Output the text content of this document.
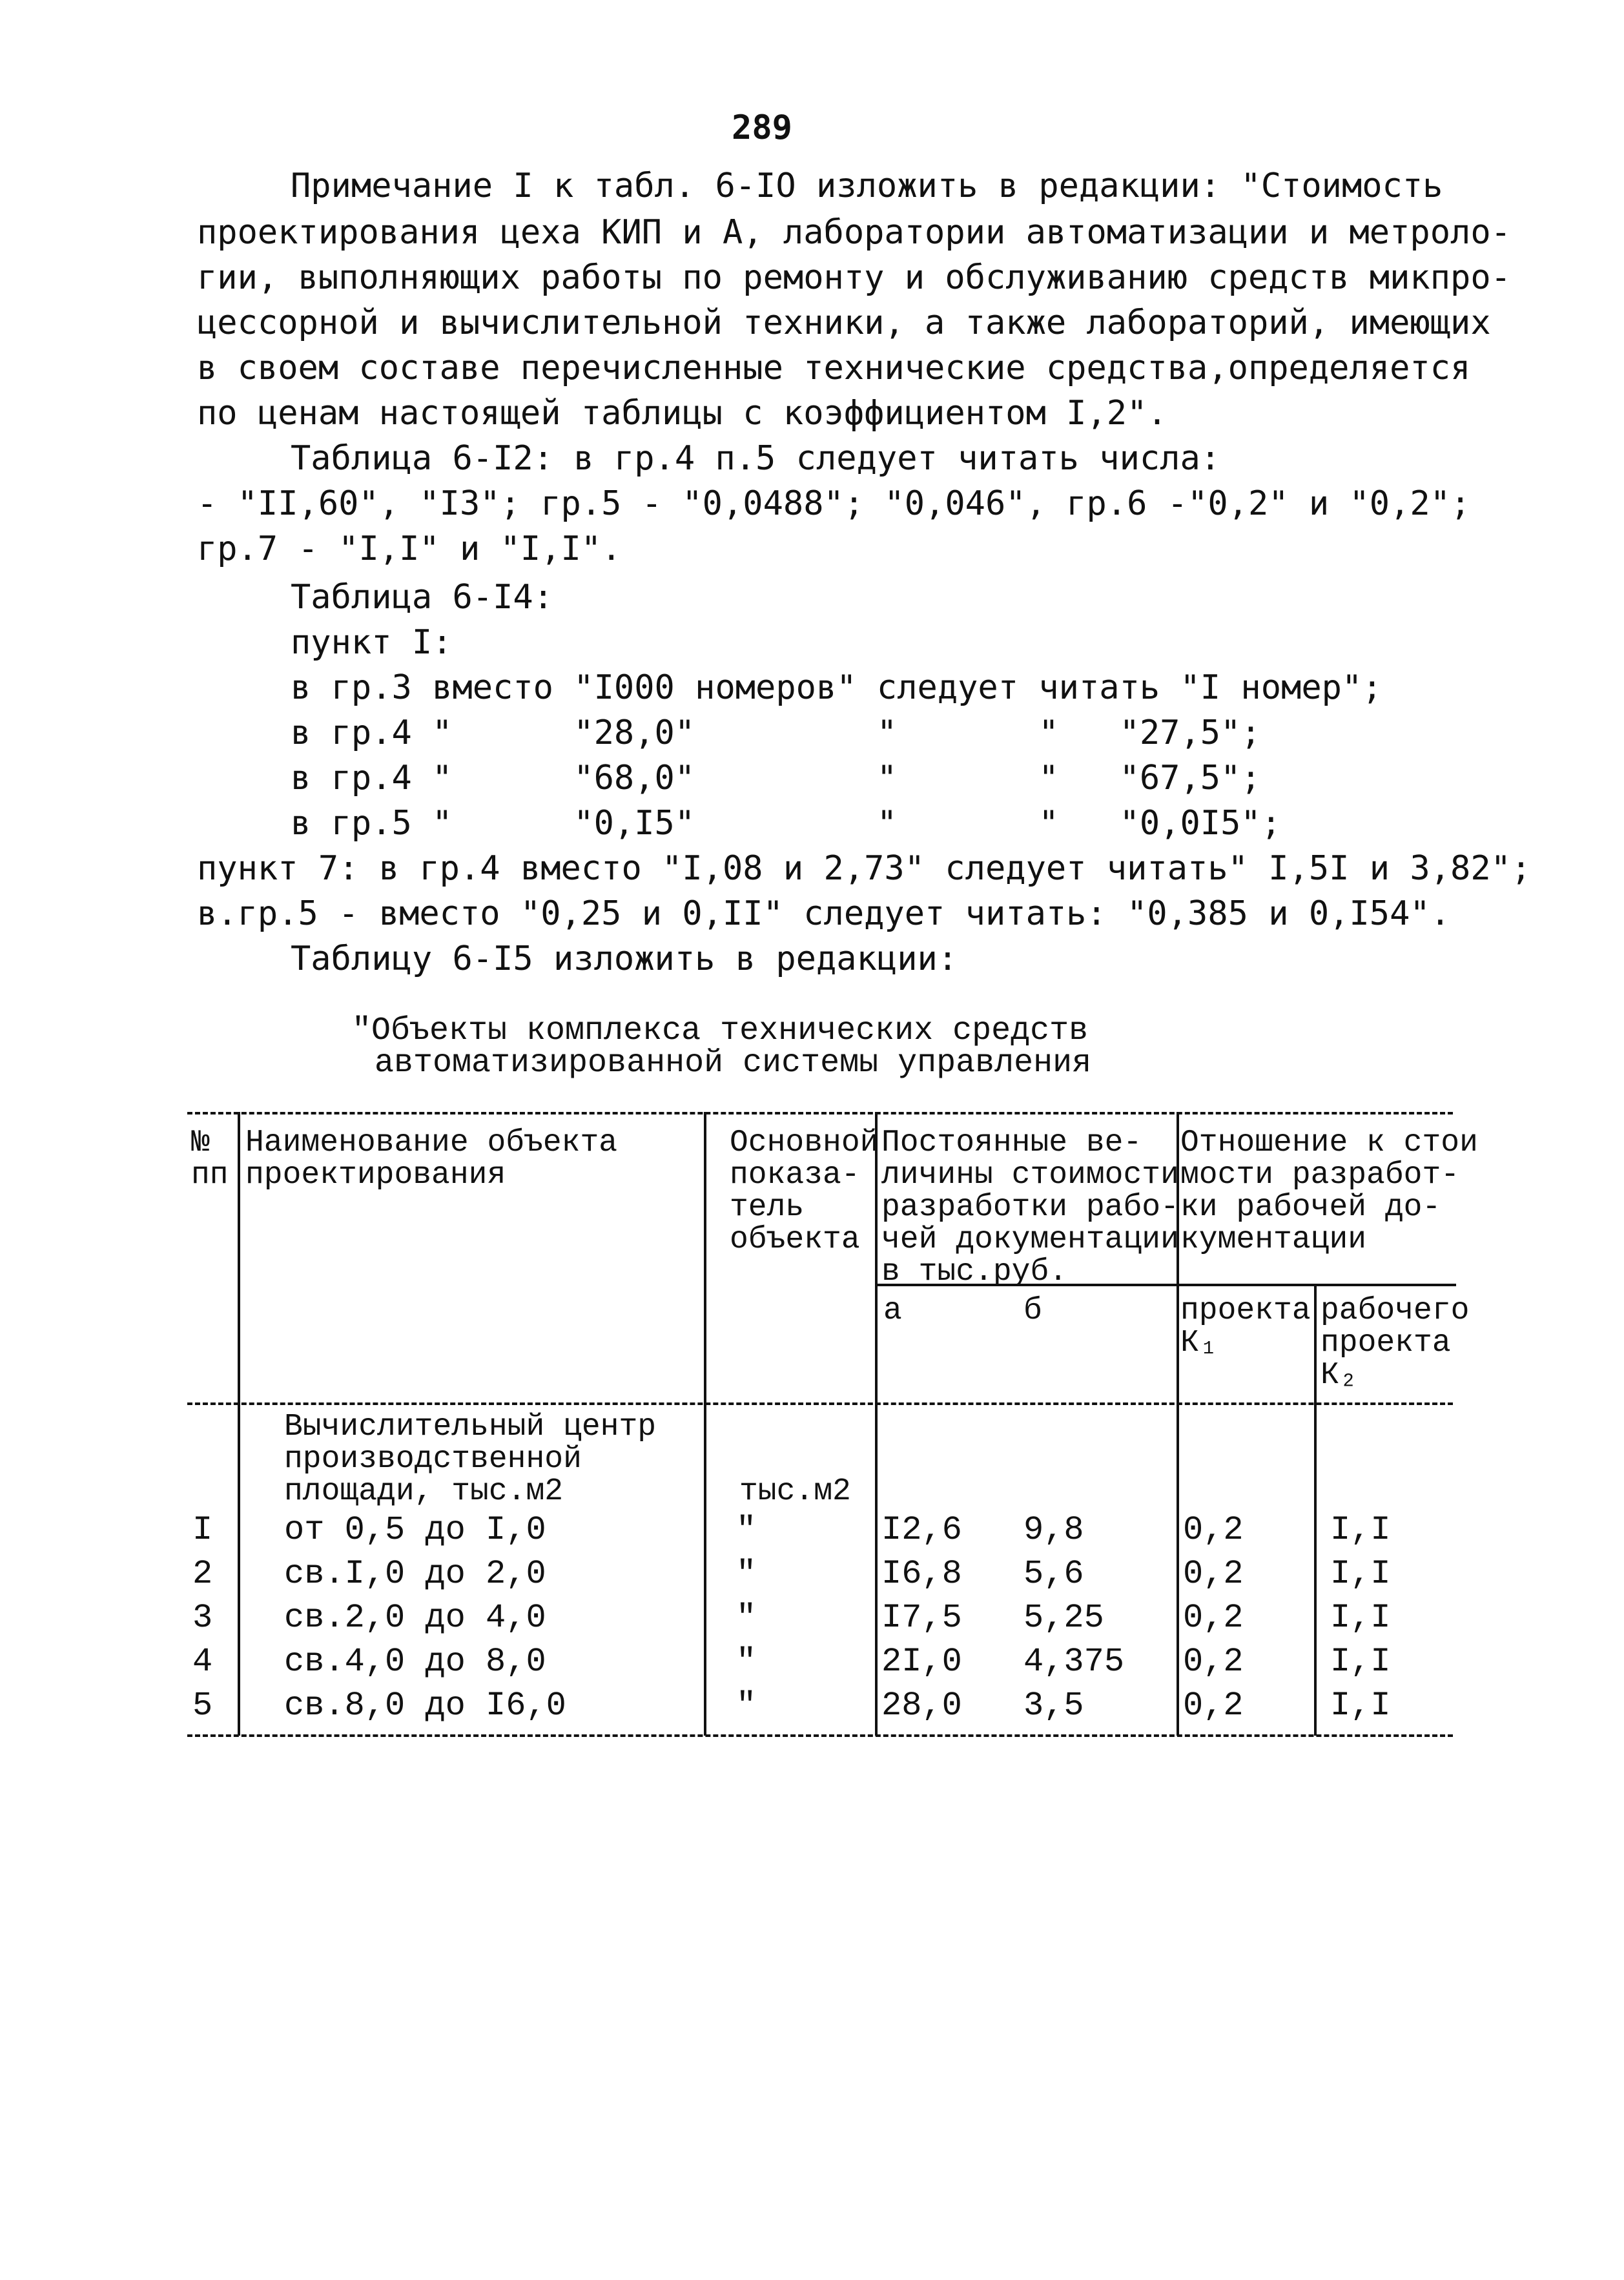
289
Примечание I к табл. 6-IO изложить в редакции: "Стоимость
проектирования цеха КИП и А, лаборатории автоматизации и метроло-
гии, выполняющих работы по ремонту и обслуживанию средств микпро-
цессорной и вычислительной техники, а также лабораторий, имеющих
в своем составе перечисленные технические средства,определяется
по ценам настоящей таблицы с коэффициентом I,2".
Таблица 6-I2: в гр.4 п.5 следует читать числа:
- "II,60", "I3"; гр.5 - "0,0488"; "0,046", гр.6 -"0,2" и "0,2";
гр.7 - "I,I" и "I,I".
Таблица 6-I4:
пункт I:
в гр.3 вместо "I000 номеров" следует читать "I номер";
в гр.4 "      "28,0"         "       "   "27,5";
в гр.4 "      "68,0"         "       "   "67,5";
в гр.5 "      "0,I5"         "       "   "0,0I5";
пункт 7: в гр.4 вместо "I,08 и 2,73" следует читать" I,5I и 3,82";
в.гр.5 - вместо "0,25 и 0,II" следует читать: "0,385 и 0,I54".
Таблицу 6-I5 изложить в редакции:
"Объекты комплекса технических средств
автоматизированной системы управления
№
пп
Наименование объекта
проектирования
Основной
показа-
тель
объекта
Постоянные ве-
личины стоимости
разработки рабо-
чей документации
в тыс.руб.
Отношение к стои
мости разработ-
ки рабочей до-
кументации
а	б	проекта
К₁
рабочего
проекта
К₂
Вычислительный центр
производственной
площади, тыс.м2	тыс.м2
I от 0,5 до I,0	"	I2,6 9,8	0,2	I,I
2 св.I,0 до 2,0	"	I6,8 5,6	0,2	I,I
3 св.2,0 до 4,0	"	I7,5 5,25 0,2	I,I
4 св.4,0 до 8,0	"	2I,0 4,375 0,2	I,I
5 св.8,0 до I6,0	"	28,0 3,5	0,2	I,I
